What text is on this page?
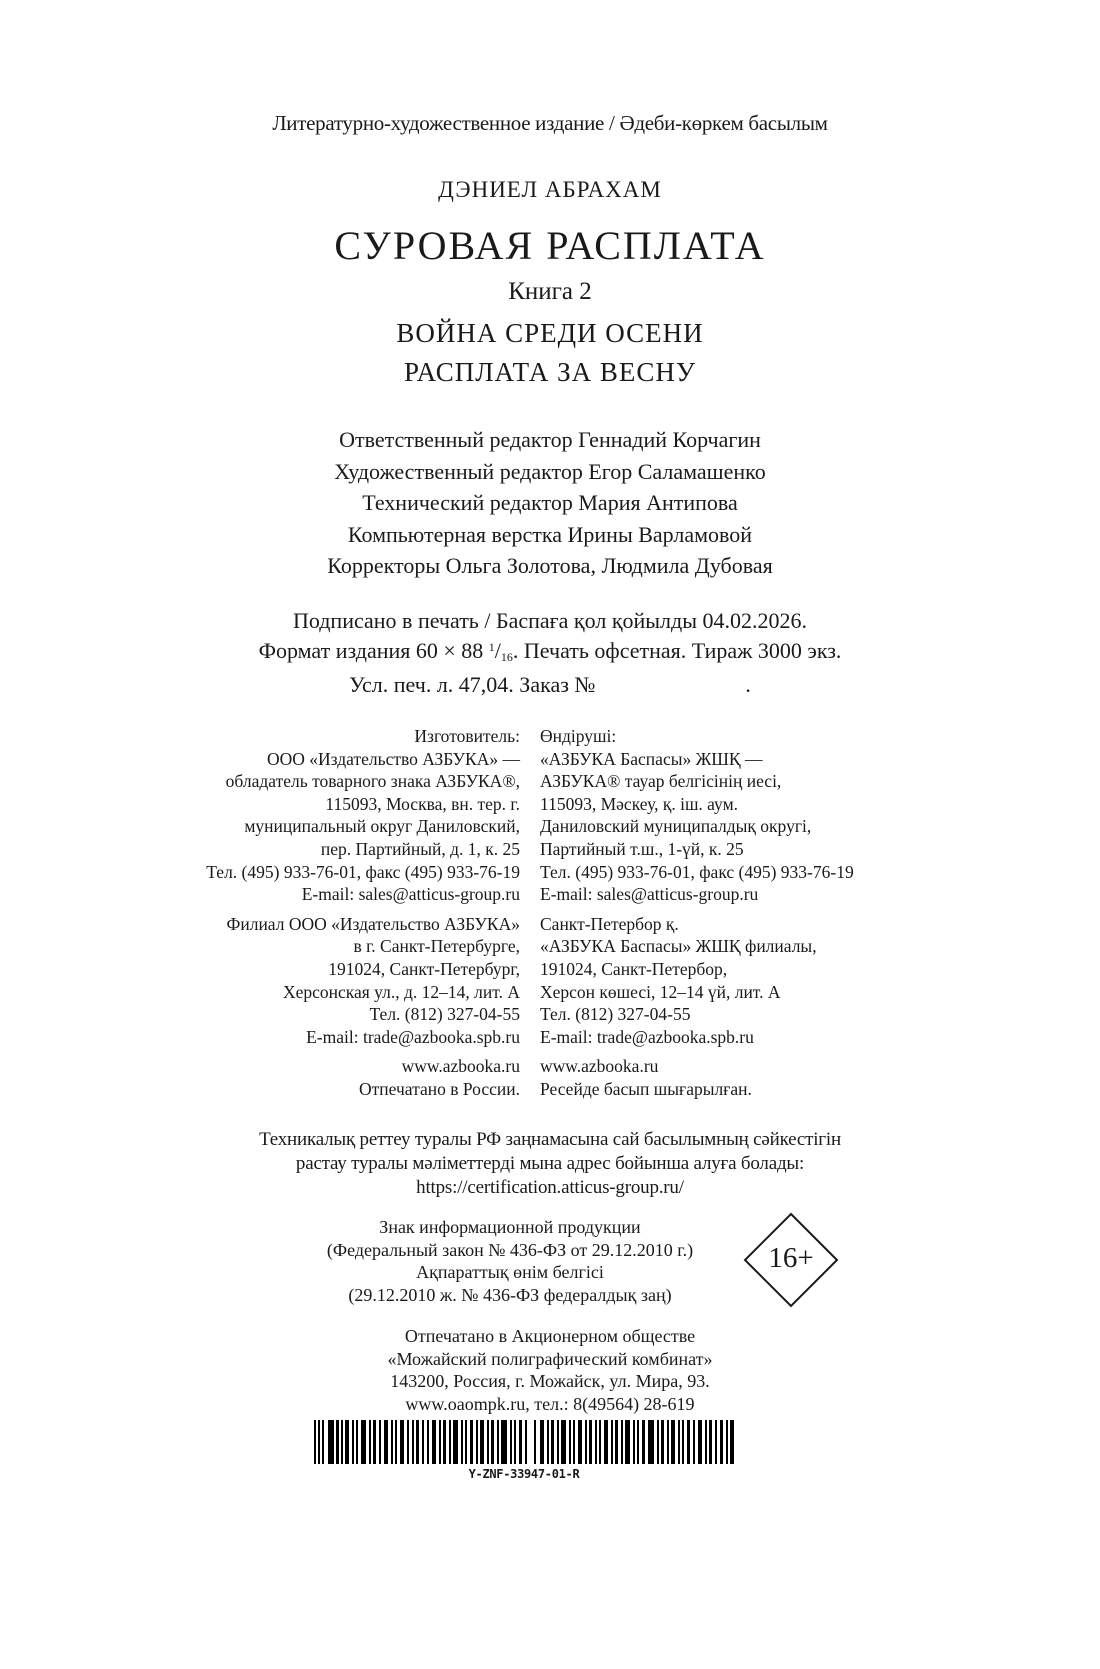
Литературно-художественное издание / Әдеби-көркем басылым
ДЭНИЕЛ АБРАХАМ
СУРОВАЯ РАСПЛАТА
Книга 2
ВОЙНА СРЕДИ ОСЕНИ
РАСПЛАТА ЗА ВЕСНУ
Ответственный редактор Геннадий Корчагин
Художественный редактор Егор Саламашенко
Технический редактор Мария Антипова
Компьютерная верстка Ирины Варламовой
Корректоры Ольга Золотова, Людмила Дубовая
Подписано в печать / Баспаға қол қойылды 04.02.2026.
Формат издания 60 × 88 $^1/_{16}$. Печать офсетная. Тираж 3000 экз.
Усл. печ. л. 47,04. Заказ №	.
Изготовитель:
ООО «Издательство АЗБУКА» —
обладатель товарного знака АЗБУКА®,
115093, Москва, вн. тер. г.
муниципальный округ Даниловский,
пер. Партийный, д. 1, к. 25
Тел. (495) 933-76-01, факс (495) 933-76-19
E-mail: sales@atticus-group.ru
Филиал ООО «Издательство АЗБУКА»
в г. Санкт-Петербурге,
191024, Санкт-Петербург,
Херсонская ул., д. 12–14, лит. А
Тел. (812) 327-04-55
E-mail: trade@azbooka.spb.ru
www.azbooka.ru
Отпечатано в России.
Өндіруші:
«АЗБУКА Баспасы» ЖШҚ —
АЗБУКА® тауар белгісінің иесі,
115093, Мәскеу, қ. іш. аум.
Даниловский муниципалдық округі,
Партийный т.ш., 1-үй, к. 25
Тел. (495) 933-76-01, факс (495) 933-76-19
E-mail: sales@atticus-group.ru
Санкт-Петербор қ.
«АЗБУКА Баспасы» ЖШҚ филиалы,
191024, Санкт-Петербор,
Херсон көшесі, 12–14 үй, лит. А
Тел. (812) 327-04-55
E-mail: trade@azbooka.spb.ru
www.azbooka.ru
Ресейде басып шығарылған.
Техникалық реттеу туралы РФ заңнамасына сай басылымның сәйкестігін
растау туралы мәліметтерді мына адрес бойынша алуға болады:
https://certification.atticus-group.ru/
Знак информационной продукции
(Федеральный закон № 436-ФЗ от 29.12.2010 г.)
Ақпараттық өнім белгісі
(29.12.2010 ж. № 436-ФЗ федералдық заң)
16+
Отпечатано в Акционерном обществе
«Можайский полиграфический комбинат»
143200, Россия, г. Можайск, ул. Мира, 93.
www.oaompk.ru, тел.: 8(49564) 28-619
Y-ZNF-33947-01-R
